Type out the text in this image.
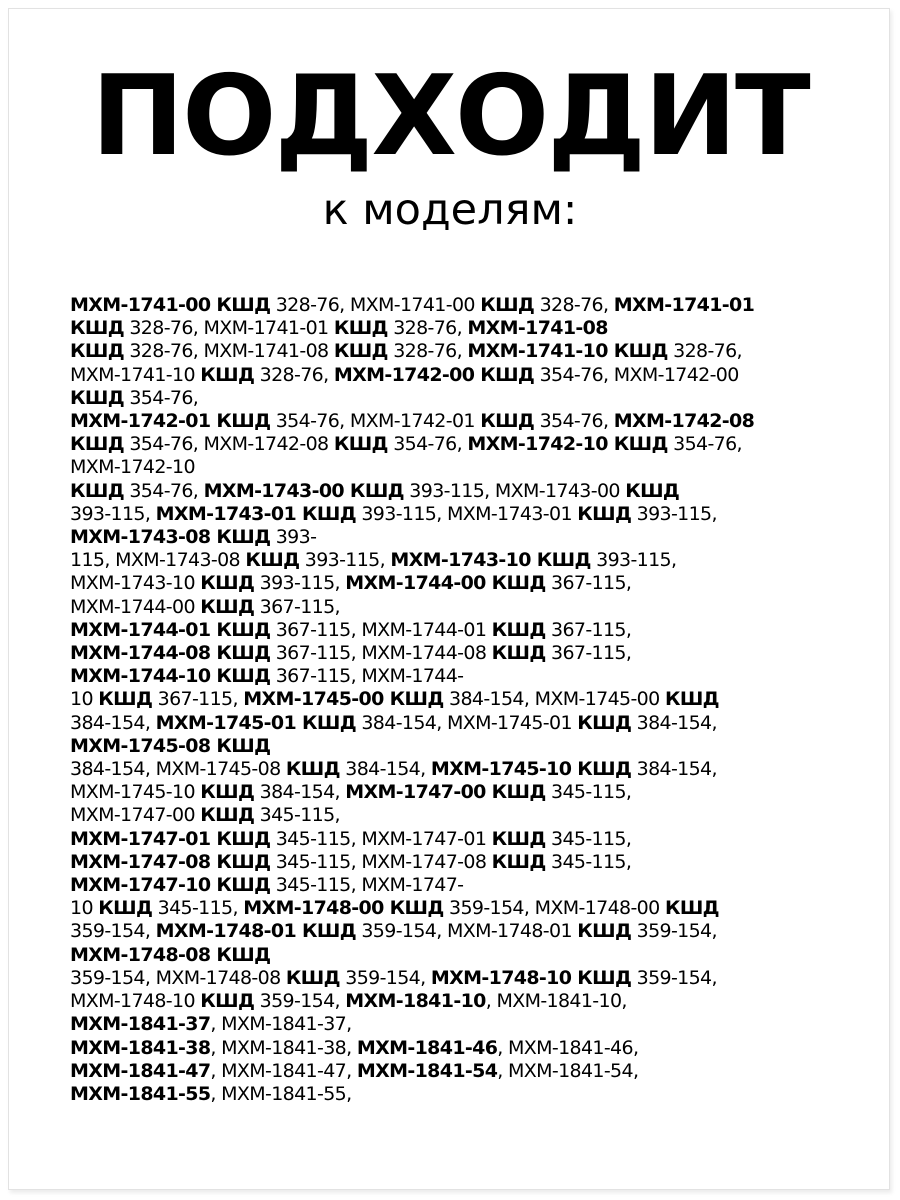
ПОДХОДИТ
к моделям:
МХМ-1741-00 КШД 328-76, МХМ-1741-00 КШД 328-76, МХМ-1741-01
КШД 328-76, МХМ-1741-01 КШД 328-76, МХМ-1741-08
КШД 328-76, МХМ-1741-08 КШД 328-76, МХМ-1741-10 КШД 328-76,
МХМ-1741-10 КШД 328-76, МХМ-1742-00 КШД 354-76, МХМ-1742-00
КШД 354-76,
МХМ-1742-01 КШД 354-76, МХМ-1742-01 КШД 354-76, МХМ-1742-08
КШД 354-76, МХМ-1742-08 КШД 354-76, МХМ-1742-10 КШД 354-76,
МХМ-1742-10
КШД 354-76, МХМ-1743-00 КШД 393-115, МХМ-1743-00 КШД
393-115, МХМ-1743-01 КШД 393-115, МХМ-1743-01 КШД 393-115,
МХМ-1743-08 КШД 393-
115, МХМ-1743-08 КШД 393-115, МХМ-1743-10 КШД 393-115,
МХМ-1743-10 КШД 393-115, МХМ-1744-00 КШД 367-115,
МХМ-1744-00 КШД 367-115,
МХМ-1744-01 КШД 367-115, МХМ-1744-01 КШД 367-115,
МХМ-1744-08 КШД 367-115, МХМ-1744-08 КШД 367-115,
МХМ-1744-10 КШД 367-115, МХМ-1744-
10 КШД 367-115, МХМ-1745-00 КШД 384-154, МХМ-1745-00 КШД
384-154, МХМ-1745-01 КШД 384-154, МХМ-1745-01 КШД 384-154,
МХМ-1745-08 КШД
384-154, МХМ-1745-08 КШД 384-154, МХМ-1745-10 КШД 384-154,
МХМ-1745-10 КШД 384-154, МХМ-1747-00 КШД 345-115,
МХМ-1747-00 КШД 345-115,
МХМ-1747-01 КШД 345-115, МХМ-1747-01 КШД 345-115,
МХМ-1747-08 КШД 345-115, МХМ-1747-08 КШД 345-115,
МХМ-1747-10 КШД 345-115, МХМ-1747-
10 КШД 345-115, МХМ-1748-00 КШД 359-154, МХМ-1748-00 КШД
359-154, МХМ-1748-01 КШД 359-154, МХМ-1748-01 КШД 359-154,
МХМ-1748-08 КШД
359-154, МХМ-1748-08 КШД 359-154, МХМ-1748-10 КШД 359-154,
МХМ-1748-10 КШД 359-154, МХМ-1841-10, МХМ-1841-10,
МХМ-1841-37, МХМ-1841-37,
МХМ-1841-38, МХМ-1841-38, МХМ-1841-46, МХМ-1841-46,
МХМ-1841-47, МХМ-1841-47, МХМ-1841-54, МХМ-1841-54,
МХМ-1841-55, МХМ-1841-55,
